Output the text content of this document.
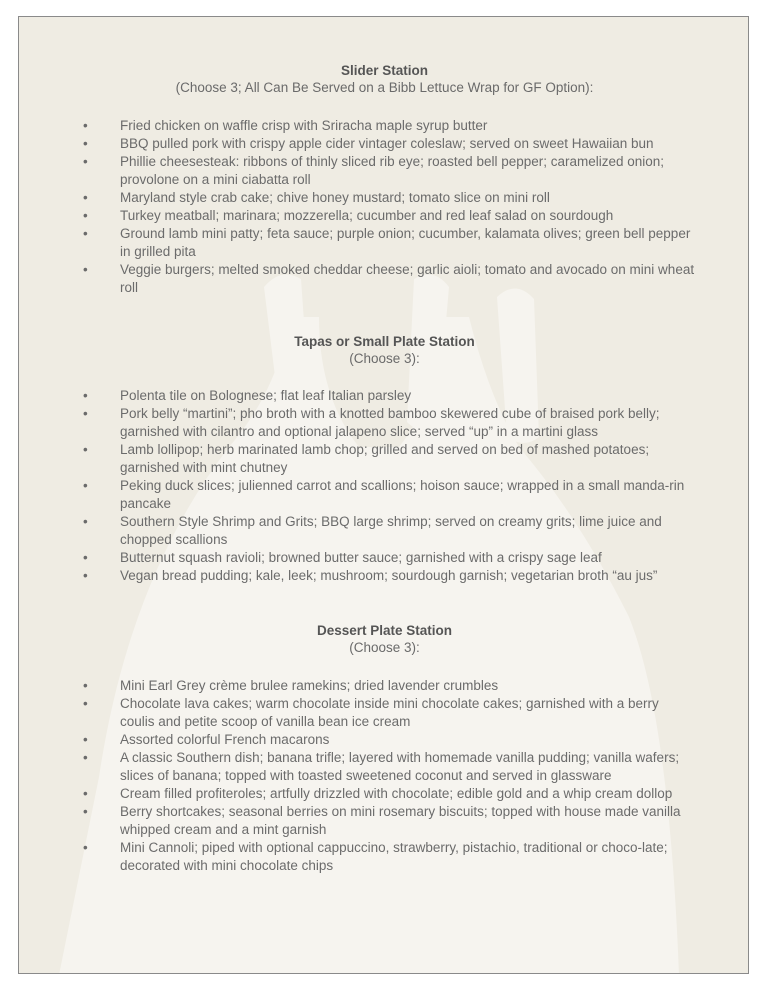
Slider Station
(Choose 3; All Can Be Served on a Bibb Lettuce Wrap for GF Option):
• Fried chicken on waffle crisp with Sriracha maple syrup butter
• BBQ pulled pork with crispy apple cider vintager coleslaw; served on sweet Hawaiian bun
• Phillie cheesesteak: ribbons of thinly sliced rib eye; roasted bell pepper; caramelized onion; provolone on a mini ciabatta roll
• Maryland style crab cake; chive honey mustard; tomato slice on mini roll
• Turkey meatball; marinara; mozzerella; cucumber and red leaf salad on sourdough
• Ground lamb mini patty; feta sauce; purple onion; cucumber, kalamata olives; green bell pepper in grilled pita
• Veggie burgers; melted smoked cheddar cheese; garlic aioli; tomato and avocado on mini wheat roll
Tapas or Small Plate Station
(Choose 3):
• Polenta tile on Bolognese; flat leaf Italian parsley
• Pork belly “martini”; pho broth with a knotted bamboo skewered cube of braised pork belly; garnished with cilantro and optional jalapeno slice; served “up” in a martini glass
• Lamb lollipop; herb marinated lamb chop; grilled and served on bed of mashed potatoes; garnished with mint chutney
• Peking duck slices; julienned carrot and scallions; hoison sauce; wrapped in a small manda-rin pancake
• Southern Style Shrimp and Grits; BBQ large shrimp; served on creamy grits; lime juice and chopped scallions
• Butternut squash ravioli; browned butter sauce; garnished with a crispy sage leaf
• Vegan bread pudding; kale, leek; mushroom; sourdough garnish; vegetarian broth “au jus”
Dessert Plate Station
(Choose 3):
• Mini Earl Grey crème brulee ramekins; dried lavender crumbles
• Chocolate lava cakes; warm chocolate inside mini chocolate cakes; garnished with a berry coulis and petite scoop of vanilla bean ice cream
• Assorted colorful French macarons
• A classic Southern dish; banana trifle; layered with homemade vanilla pudding; vanilla wafers; slices of banana; topped with toasted sweetened coconut and served in glassware
• Cream filled profiteroles; artfully drizzled with chocolate; edible gold and a whip cream dollop
• Berry shortcakes; seasonal berries on mini rosemary biscuits; topped with house made vanilla whipped cream and a mint garnish
• Mini Cannoli; piped with optional cappuccino, strawberry, pistachio, traditional or choco-late; decorated with mini chocolate chips
